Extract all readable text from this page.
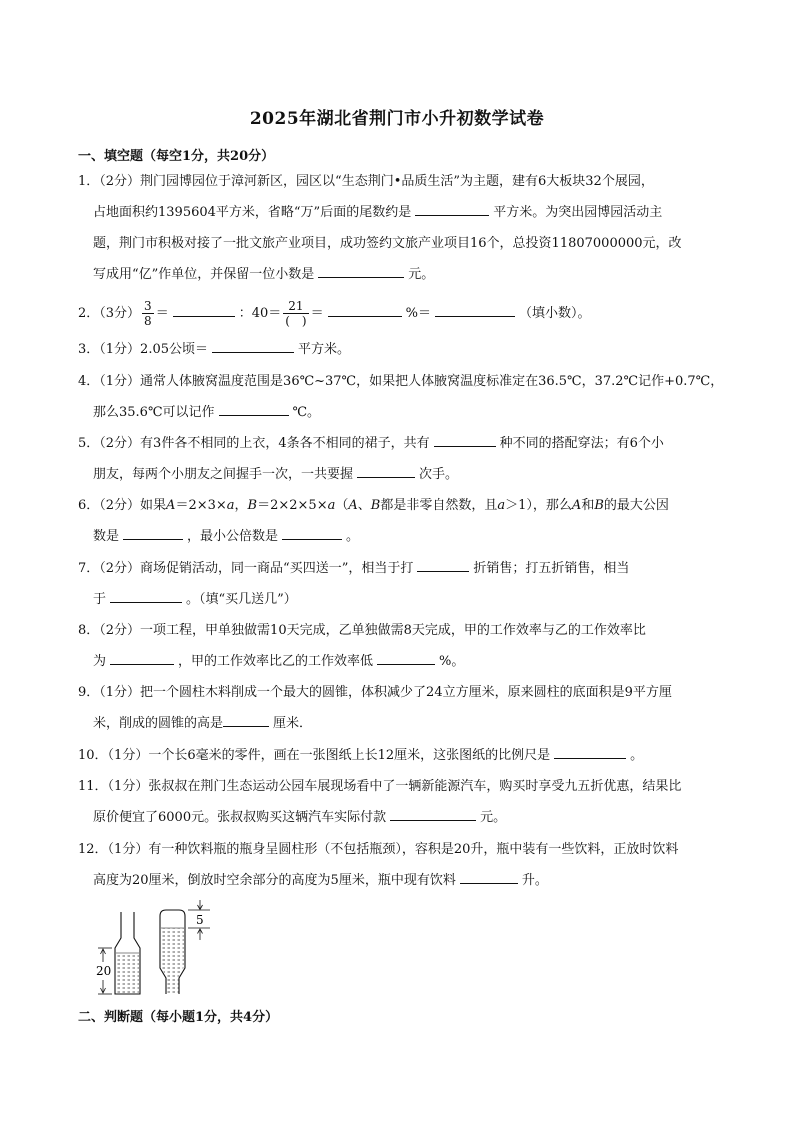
2025年湖北省荆门市小升初数学试卷
一、填空题（每空1分，共20分）
1．（2分）荆门园博园位于漳河新区，园区以“生态荆门•品质生活”为主题，建有6大板块32个展园，
占地面积约1395604平方米，省略“万”后面的尾数约是	平方米。为突出园博园活动主
题，荆门市积极对接了一批文旅产业项目，成功签约文旅产业项目16个，总投资11807000000元，改
写成用“亿”作单位，并保留一位小数是	元。
2．（3分） $\frac{3}{8}$ ＝	：$40= \frac{21}{( )}$ ＝	%＝	（填小数）。
3．（1分）2.05公顷＝	平方米。
4．（1分）通常人体腋窝温度范围是36℃~37℃，如果把人体腋窝温度标准定在36.5℃，37.2℃记作+0.7℃，
那么35.6℃可以记作	℃。
5．（2分）有3件各不相同的上衣，4条各不相同的裙子，共有	种不同的搭配穿法；有6个小
朋友，每两个小朋友之间握手一次，一共要握	次手。
6．（2分）如果A＝2×3×a，B＝2×2×5×a（A、B都是非零自然数，且a＞1），那么A和B的最大公因
数是	，最小公倍数是	。
7．（2分）商场促销活动，同一商品“买四送一”，相当于打	折销售；打五折销售，相当
于	。（填“买几送几”）
8．（2分）一项工程，甲单独做需10天完成，乙单独做需8天完成，甲的工作效率与乙的工作效率比
为	，甲的工作效率比乙的工作效率低	%。
9．（1分）把一个圆柱木料削成一个最大的圆锥，体积减少了24立方厘米，原来圆柱的底面积是9平方厘
米，削成的圆锥的高是	厘米．
10．（1分）一个长6毫米的零件，画在一张图纸上长12厘米，这张图纸的比例尺是	。
11．（1分）张叔叔在荆门生态运动公园车展现场看中了一辆新能源汽车，购买时享受九五折优惠，结果比
原价便宜了6000元。张叔叔购买这辆汽车实际付款	元。
12．（1分）有一种饮料瓶的瓶身呈圆柱形（不包括瓶颈），容积是20升，瓶中装有一些饮料，正放时饮料
高度为20厘米，倒放时空余部分的高度为5厘米，瓶中现有饮料	升。
20
5
二、判断题（每小题1分，共4分）
